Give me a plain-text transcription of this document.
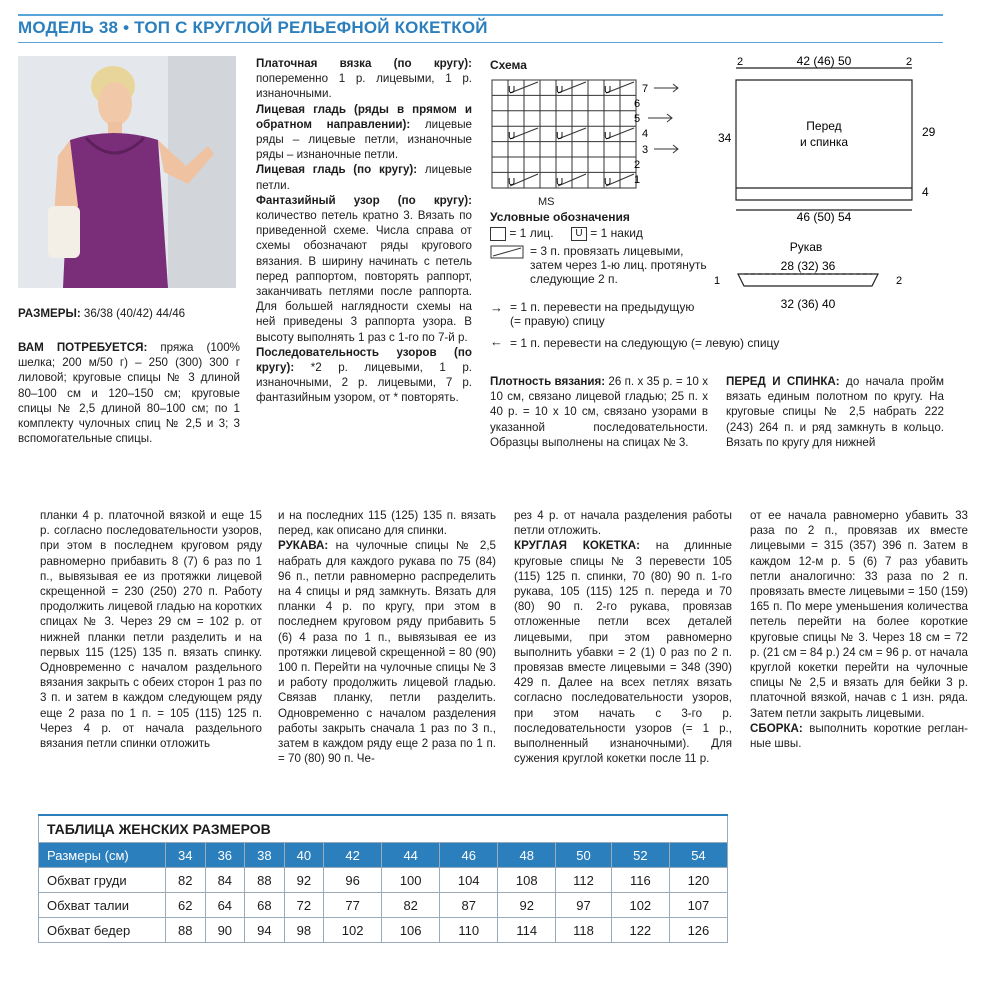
МОДЕЛЬ 38 • ТОП С КРУГЛОЙ РЕЛЬЕФНОЙ КОКЕТКОЙ

РАЗМЕРЫ: 36/38 (40/42) 44/46

ВАМ ПОТРЕБУЕТСЯ: пряжа (100% шелка; 200 м/50 г) – 250 (300) 300 г лиловой; круговые спицы № 3 длиной 80–100 см и 120–150 см; круговые спицы № 2,5 длиной 80–100 см; по 1 комплекту чулочных спиц № 2,5 и 3; 3 вспомогательные спицы.

Платочная вязка (по кругу): попеременно 1 р. лицевыми, 1 р. изнаночными.

Лицевая гладь (ряды в прямом и обратном направлении): лицевые ряды – лицевые петли, изнаночные ряды – изнаночные петли.

Лицевая гладь (по кругу): лицевые петли.

Фантазийный узор (по кругу): количество петель кратно 3. Вязать по приведенной схеме. Числа справа от схемы обозначают ряды кругового вязания. В ширину начинать с петель перед раппортом, повторять раппорт, заканчивать петлями после раппорта. Для большей наглядности схемы на ней приведены 3 раппорта узора. В высоту выполнять 1 раз с 1-го по 7-й р.

Последовательность узоров (по кругу): *2 р. лицевыми, 1 р. изнаночными, 2 р. лицевыми, 7 р. фантазийным узором, от * повторять.

Схема
U	U	U
U	U	U
U	U	U
7
6
5
4
3
2
1
MS
Условные обозначения
= 1 лиц. U = 1 накид
= 3 п. провязать лицевыми, затем через 1-ю лиц. протянуть следующие 2 п.
→ = 1 п. перевести на предыдущую (= правую) спицу
← = 1 п. перевести на следующую (= левую) спицу

Плотность вязания: 26 п. х 35 р. = 10 х 10 см, связано лицевой гладью; 25 п. х 40 р. = 10 х 10 см, связано узорами в указанной последовательности. Образцы выполнены на спицах № 3.

ПЕРЕД И СПИНКА: до начала пройм вязать единым полотном по кругу. На круговые спицы № 2,5 набрать 222 (243) 264 п. и ряд замкнуть в кольцо. Вязать по кругу для нижней

42 (46) 50
2	2
34	29
4
Перед
и спинка
46 (50) 54
Рукав
28 (32) 36
32 (36) 40
1	2

планки 4 р. платочной вязкой и еще 15 р. согласно последовательности узоров, при этом в последнем круговом ряду равномерно прибавить 8 (7) 6 раз по 1 п., вывязывая ее из протяжки лицевой скрещенной = 230 (250) 270 п. Работу продолжить лицевой гладью на коротких спицах № 3. Через 29 см = 102 р. от нижней планки петли разделить и на первых 115 (125) 135 п. вязать спинку. Одновременно с началом раздельного вязания закрыть с обеих сторон 1 раз по 3 п. и затем в каждом следующем ряду еще 2 раза по 1 п. = 105 (115) 125 п. Через 4 р. от начала раздельного вязания петли спинки отложить

и на последних 115 (125) 135 п. вязать перед, как описано для спинки.

РУКАВА: на чулочные спицы № 2,5 набрать для каждого рукава по 75 (84) 96 п., петли равномерно распределить на 4 спицы и ряд замкнуть. Вязать для планки 4 р. по кругу, при этом в последнем круговом ряду прибавить 5 (6) 4 раза по 1 п., вывязывая ее из протяжки лицевой скрещенной = 80 (90) 100 п. Перейти на чулочные спицы № 3 и работу продолжить лицевой гладью. Связав планку, петли разделить. Одновременно с началом разделения работы закрыть сначала 1 раз по 3 п., затем в каждом ряду еще 2 раза по 1 п. = 70 (80) 90 п. Че-

рез 4 р. от начала разделения работы петли отложить.

КРУГЛАЯ КОКЕТКА: на длинные круговые спицы № 3 перевести 105 (115) 125 п. спинки, 70 (80) 90 п. 1-го рукава, 105 (115) 125 п. переда и 70 (80) 90 п. 2-го рукава, провязав отложенные петли всех деталей лицевыми, при этом равномерно выполнить убавки = 2 (1) 0 раз по 2 п. провязав вместе лицевыми = 348 (390) 429 п. Далее на всех петлях вязать согласно последовательности узоров, при этом начать с 3-го р. последовательности узоров (= 1 р., выполненный изнаночными). Для сужения круглой кокетки после 11 р.

от ее начала равномерно убавить 33 раза по 2 п., провязав их вместе лицевыми = 315 (357) 396 п. Затем в каждом 12-м р. 5 (6) 7 раз убавить петли аналогично: 33 раза по 2 п. провязать вместе лицевыми = 150 (159) 165 п. По мере уменьшения количества петель перейти на более короткие круговые спицы № 3. Через 18 см = 72 р. (21 см = 84 р.) 24 см = 96 р. от начала круглой кокетки перейти на чулочные спицы № 2,5 и вязать для бейки 3 р. платочной вязкой, начав с 1 изн. ряда. Затем петли закрыть лицевыми.

СБОРКА: выполнить короткие регланные швы.

ТАБЛИЦА ЖЕНСКИХ РАЗМЕРОВ											
Размеры (см)	34	36	38	40	42	44	46	48	50	52	54
Обхват груди	82	84	88	92	96	100	104	108	112	116	120
Обхват талии	62	64	68	72	77	82	87	92	97	102	107
Обхват бедер	88	90	94	98	102	106	110	114	118	122	126
